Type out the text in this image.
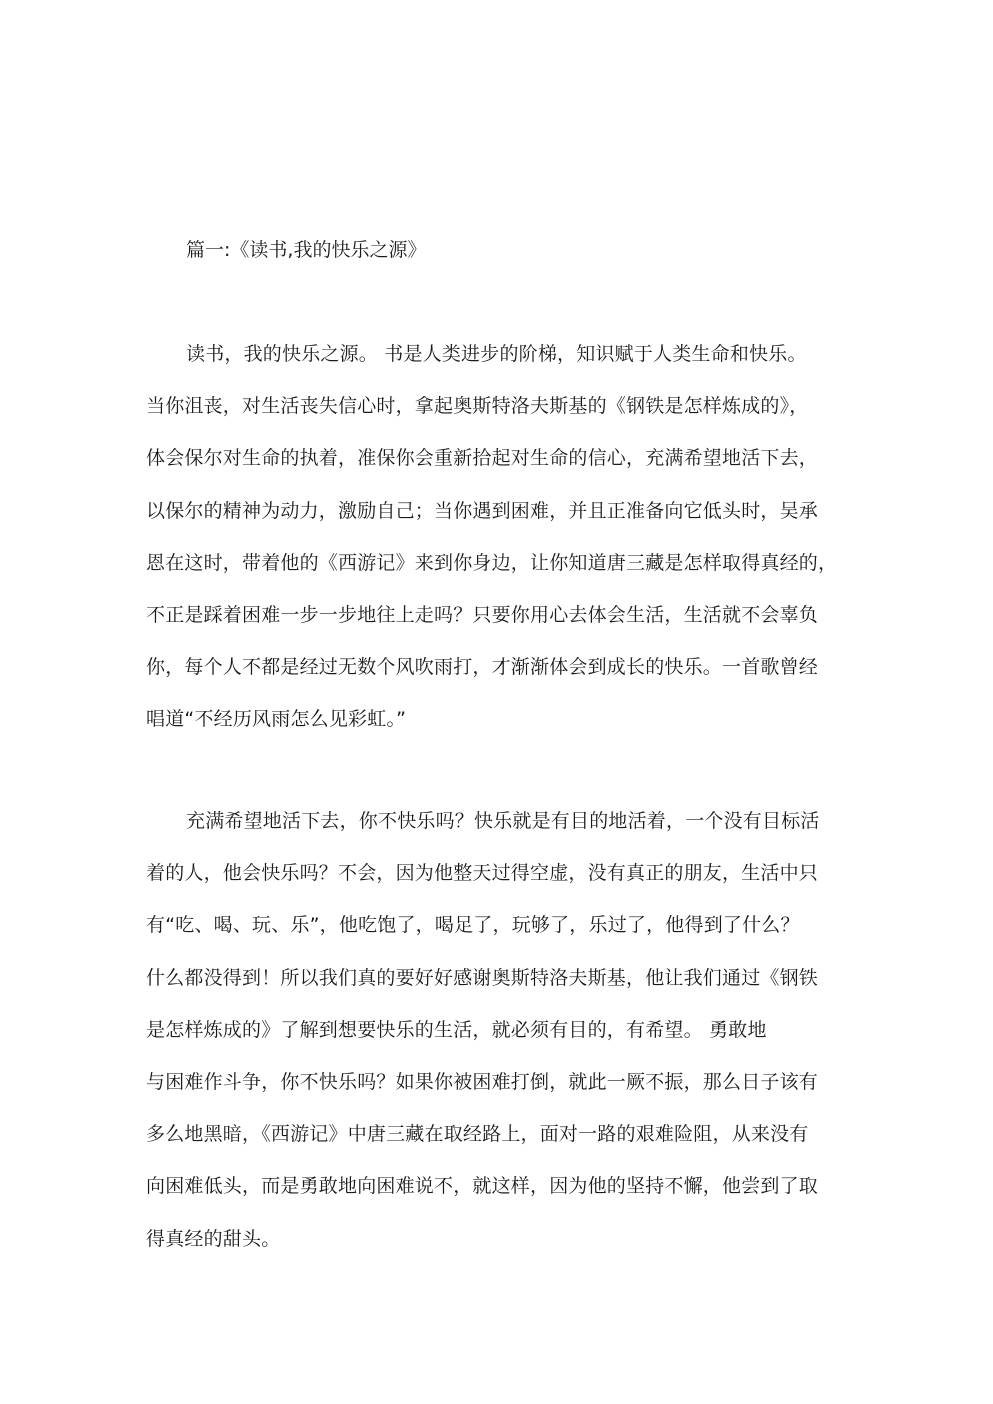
篇一:《读书,我的快乐之源》
读书，我的快乐之源。 书是人类进步的阶梯，知识赋于人类生命和快乐。
当你沮丧，对生活丧失信心时，拿起奥斯特洛夫斯基的《钢铁是怎样炼成的》，
体会保尔对生命的执着，准保你会重新拾起对生命的信心，充满希望地活下去，
以保尔的精神为动力，激励自己；当你遇到困难，并且正准备向它低头时，吴承
恩在这时，带着他的《西游记》来到你身边，让你知道唐三藏是怎样取得真经的，
不正是踩着困难一步一步地往上走吗？只要你用心去体会生活，生活就不会辜负
你，每个人不都是经过无数个风吹雨打，才渐渐体会到成长的快乐。一首歌曾经
唱道“不经历风雨怎么见彩虹。”
充满希望地活下去，你不快乐吗？快乐就是有目的地活着，一个没有目标活
着的人，他会快乐吗？不会，因为他整天过得空虚，没有真正的朋友，生活中只
有“吃、喝、玩、乐”，他吃饱了，喝足了，玩够了，乐过了，他得到了什么？
什么都没得到！所以我们真的要好好感谢奥斯特洛夫斯基，他让我们通过《钢铁
是怎样炼成的》了解到想要快乐的生活，就必须有目的，有希望。 勇敢地
与困难作斗争，你不快乐吗？如果你被困难打倒，就此一厥不振，那么日子该有
多么地黑暗，《西游记》中唐三藏在取经路上，面对一路的艰难险阻，从来没有
向困难低头，而是勇敢地向困难说不，就这样，因为他的坚持不懈，他尝到了取
得真经的甜头。
